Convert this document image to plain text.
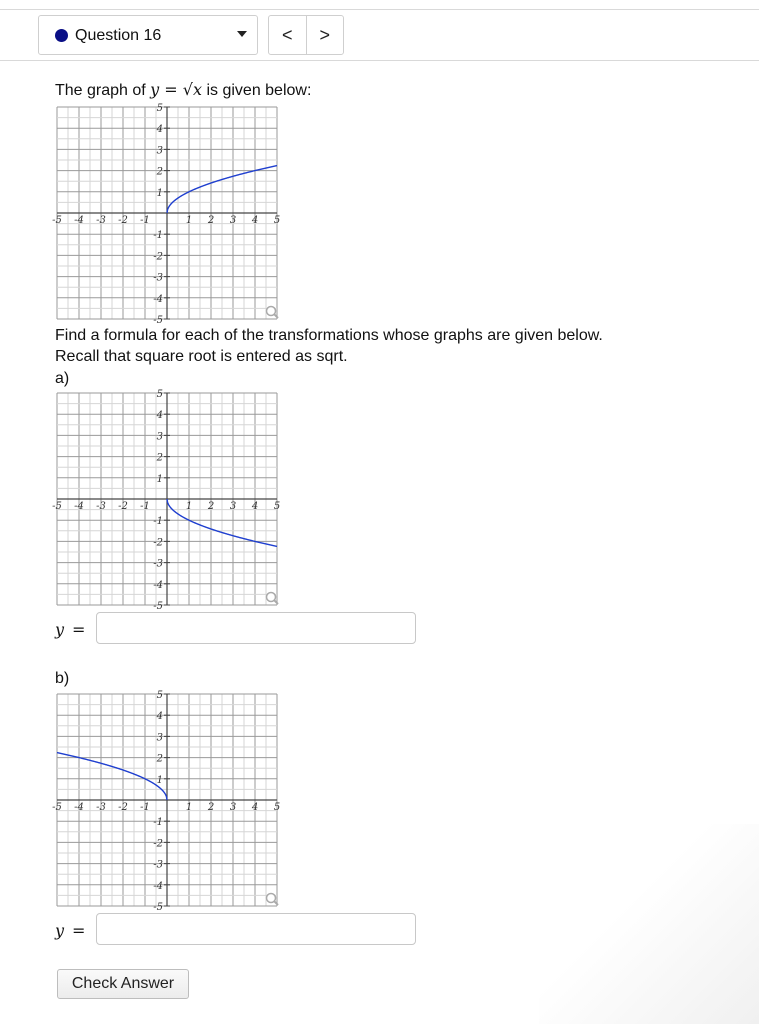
Question 16	<	>
The graph of y = √x is given below:
-5 -4 -3 -2 -1	1 2 3 4 5
5
4
3
2
1
-1
-2
-3
-4
-5
Find a formula for each of the transformations whose graphs are given below.
Recall that square root is entered as sqrt.
a)
-5 -4 -3 -2 -1	1 2 3 4 5
5
4
3
2
1
-1
-2
-3
-4
-5
y =
b)
-5 -4 -3 -2 -1	1 2 3 4 5
5
4
3
2
1
-1
-2
-3
-4
-5
y =
Check Answer
